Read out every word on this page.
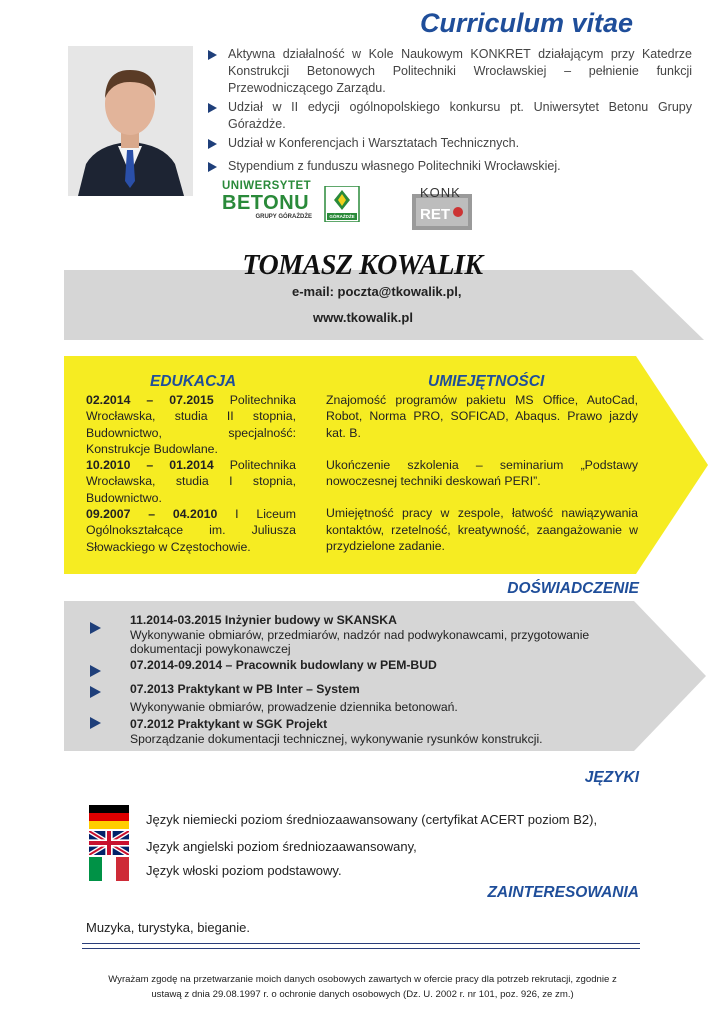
Curriculum vitae
Aktywna działalność w Kole Naukowym KONKRET działającym przy Katedrze Konstrukcji Betonowych Politechniki Wrocławskiej – pełnienie funkcji Przewodniczącego Zarządu.
Udział w II edycji ogólnopolskiego konkursu pt. Uniwersytet Betonu Grupy Górażdże.
Udział w Konferencjach i Warsztatach Technicznych.
Stypendium z funduszu własnego Politechniki Wrocławskiej.
UNIWERSYTET
BETONU
GRUPY GÓRAŻDŻE	GÓRAŻDŻE
KONK
RET
TOMASZ KOWALIK
e-mail: poczta@tkowalik.pl,
www.tkowalik.pl
EDUKACJA	UMIEJĘTNOŚCI
02.2014 – 07.2015 Politechnika Wrocławska, studia II stopnia, Budownictwo, specjalność: Konstrukcje Budowlane.
10.2010 – 01.2014 Politechnika Wrocławska, studia I stopnia, Budownictwo.
09.2007 – 04.2010 I Liceum Ogólnokształcące im. Juliusza Słowackiego w Częstochowie.
Znajomość programów pakietu MS Office, AutoCad, Robot, Norma PRO, SOFICAD, Abaqus. Prawo jazdy kat. B.
Ukończenie szkolenia – seminarium „Podstawy nowoczesnej techniki deskowań PERI”.
Umiejętność pracy w zespole, łatwość nawiązywania kontaktów, rzetelność, kreatywność, zaangażowanie w przydzielone zadanie.
DOŚWIADCZENIE
11.2014-03.2015 Inżynier budowy w SKANSKA
Wykonywanie obmiarów, przedmiarów, nadzór nad podwykonawcami, przygotowanie dokumentacji powykonawczej
07.2014-09.2014 – Pracownik budowlany w PEM-BUD
07.2013 Praktykant w PB Inter – System
Wykonywanie obmiarów, prowadzenie dziennika betonowań.
07.2012 Praktykant w SGK Projekt
Sporządzanie dokumentacji technicznej, wykonywanie rysunków konstrukcji.
JĘZYKI
Język niemiecki poziom średniozaawansowany (certyfikat ACERT poziom B2),
Język angielski poziom średniozaawansowany,
Język włoski poziom podstawowy.
ZAINTERESOWANIA
Muzyka, turystyka, bieganie.
Wyrażam zgodę na przetwarzanie moich danych osobowych zawartych w ofercie pracy dla potrzeb rekrutacji, zgodnie z
ustawą z dnia 29.08.1997 r. o ochronie danych osobowych (Dz. U. 2002 r. nr 101, poz. 926, ze zm.)
